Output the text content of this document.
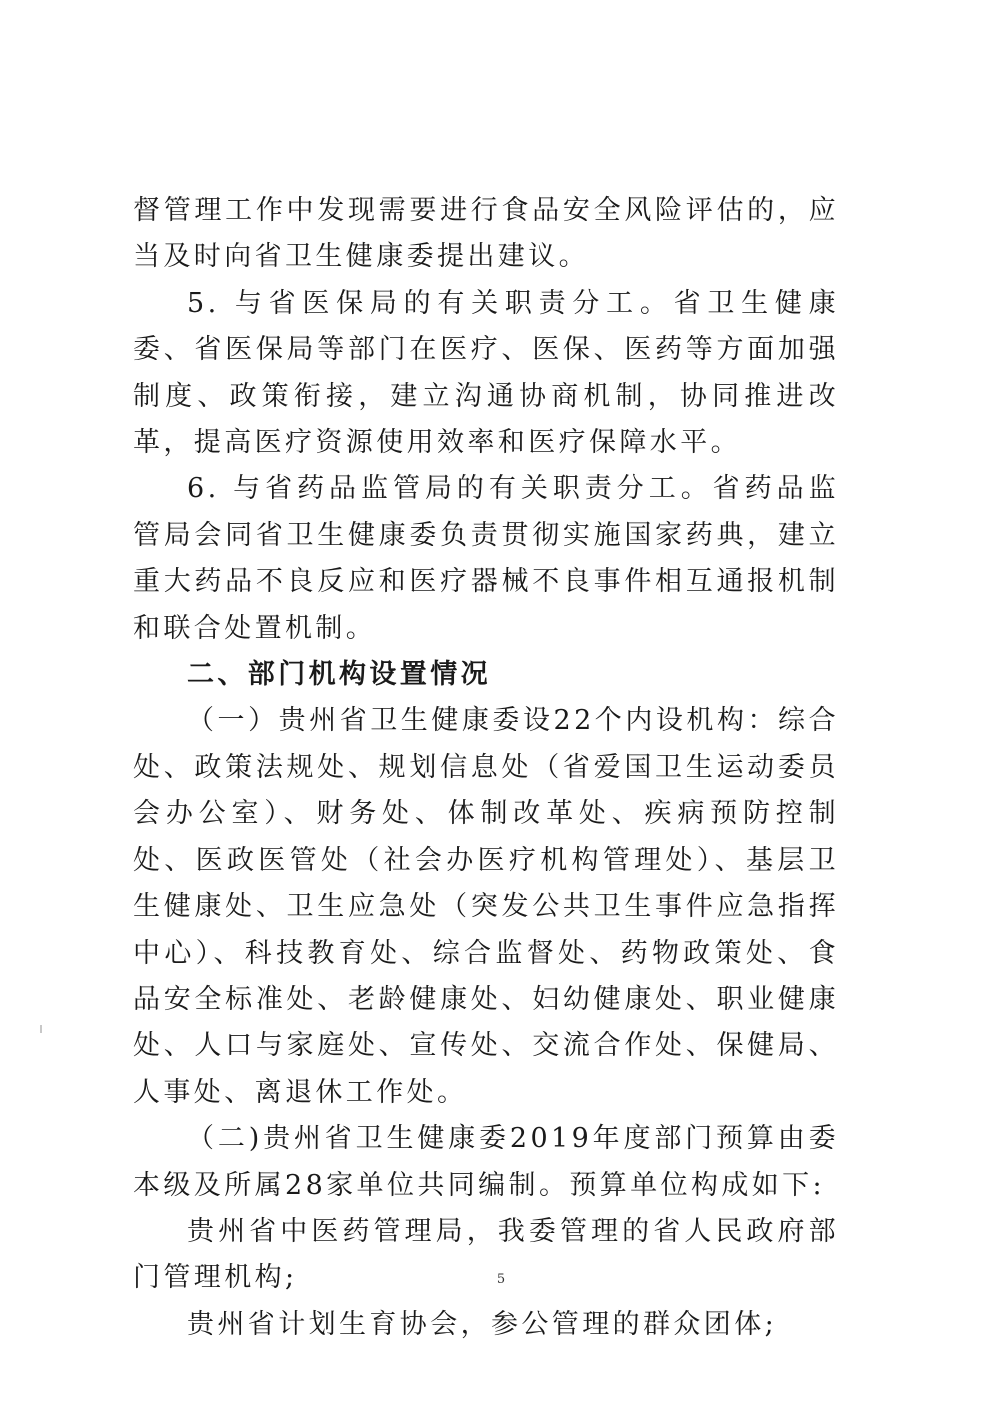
督管理工作中发现需要进行食品安全风险评估的，应当及时向省卫生健康委提出建议。

5. 与省医保局的有关职责分工。省卫生健康委、省医保局等部门在医疗、医保、医药等方面加强制度、政策衔接，建立沟通协商机制，协同推进改革，提高医疗资源使用效率和医疗保障水平。

6. 与省药品监管局的有关职责分工。省药品监管局会同省卫生健康委负责贯彻实施国家药典，建立重大药品不良反应和医疗器械不良事件相互通报机制和联合处置机制。

二、部门机构设置情况

（一）贵州省卫生健康委设22个内设机构：综合处、政策法规处、规划信息处（省爱国卫生运动委员会办公室）、财务处、体制改革处、疾病预防控制处、医政医管处（社会办医疗机构管理处）、基层卫生健康处、卫生应急处（突发公共卫生事件应急指挥中心）、科技教育处、综合监督处、药物政策处、食品安全标准处、老龄健康处、妇幼健康处、职业健康处、人口与家庭处、宣传处、交流合作处、保健局、人事处、离退休工作处。

（二)贵州省卫生健康委2019年度部门预算由委本级及所属28家单位共同编制。预算单位构成如下:

贵州省中医药管理局，我委管理的省人民政府部门管理机构;

贵州省计划生育协会，参公管理的群众团体;

5
